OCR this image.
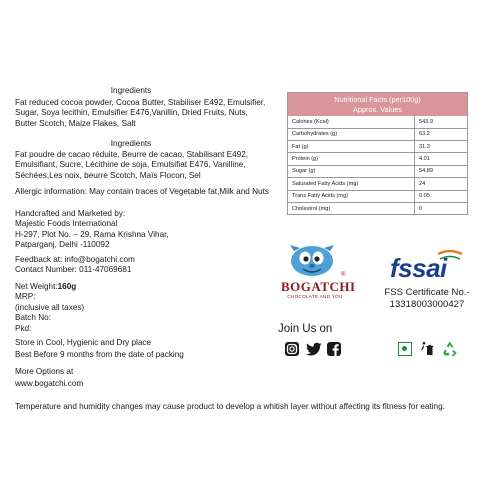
Ingredients
Fat reduced cocoa powder, Cocoa Butter, Stabiliser E492, Emulsifier,
Sugar, Soya lecithin, Emulsifier E476,Vanillin, Dried Fruits, Nuts,
Butter Scotch, Maize Flakes, Salt
Ingredients
Fat poudre de cacao réduite, Beurre de cacao, Stabilisant E492,
Emulsifiant, Sucre, Lécithine de soja, Emulsifiat E476, Vanilline,
Séchées,Les noix, beurre Scotch, Maïs Flocon, Sel
Allergic information: May contain traces of Vegetable fat,Milk and Nuts
Handcrafted and Marketed by:
Majestic Foods International
H-297, Plot No. – 29, Rama Krishna Vihar,
Patparganj, Delhi -110092
Feedback at: info@bogatchi.com
Contact Number: 011-47069681
Net Weight:160g
MRP:
(inclusive all taxes)
Batch No:
Pkd:
Store in Cool, Hygienic and Dry place
Best Before 9 months from the date of packing
More Options at
www.bogatchi.com
Temperature and humidity changes may cause product to develop a whitish layer without affecting its fitness for eating.
Nutritional Facts (per100g)
Approx. Values
Calories (Kcal)	543.9
Carbohydrates (g)	63.2
Fat (g)	31.3
Protein (g)	4.01
Sugar (g)	54.89
Saturated Fatty Acids (mg)	24
Trans Fatty Acids (mg)	0.05
Cholestrol (mg)	0
BOGATCHI
CHOCOLATE AND YOU
®
Join Us on
fssai
FSS Certificate No.-
13318003000427
